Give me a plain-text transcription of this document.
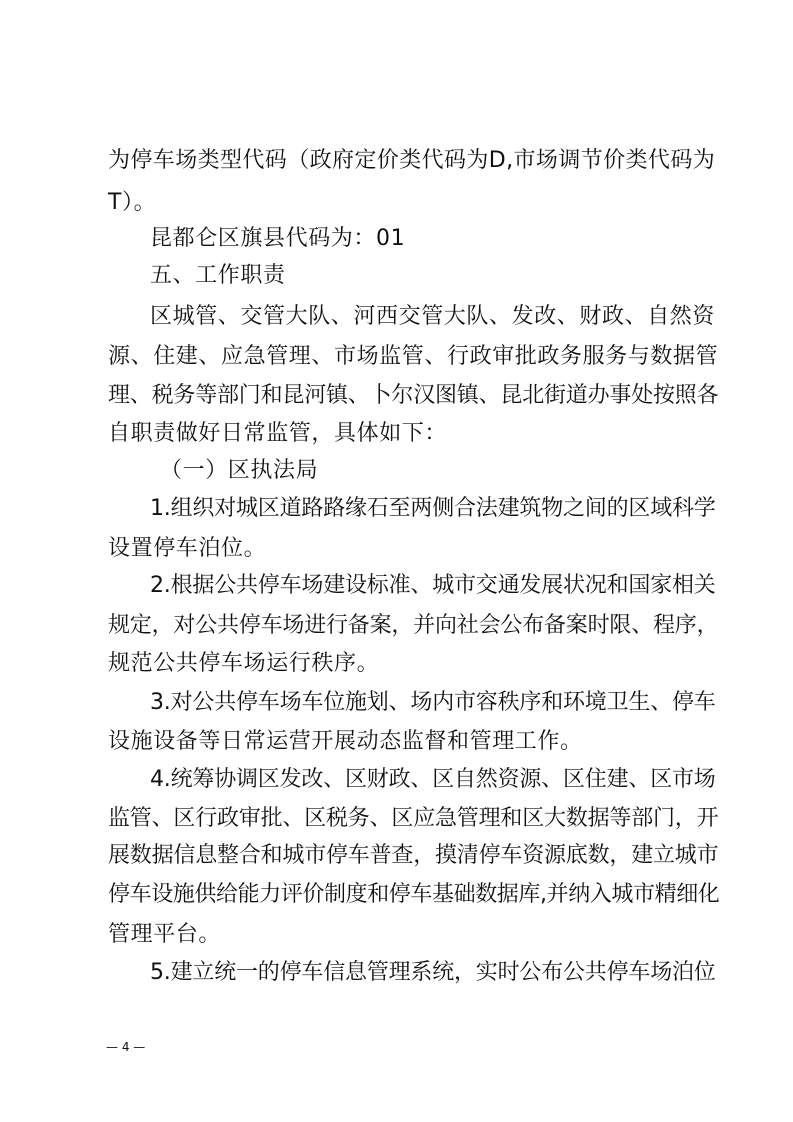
为停车场类型代码（政府定价类代码为D,市场调节价类代码为
T）。
昆都仑区旗县代码为：01
五、工作职责
区城管、交管大队、河西交管大队、发改、财政、自然资
源、住建、应急管理、市场监管、行政审批政务服务与数据管
理、税务等部门和昆河镇、卜尔汉图镇、昆北街道办事处按照各
自职责做好日常监管，具体如下：
（一）区执法局
1.组织对城区道路路缘石至两侧合法建筑物之间的区域科学
设置停车泊位。
2.根据公共停车场建设标准、城市交通发展状况和国家相关
规定，对公共停车场进行备案，并向社会公布备案时限、程序，
规范公共停车场运行秩序。
3.对公共停车场车位施划、场内市容秩序和环境卫生、停车
设施设备等日常运营开展动态监督和管理工作。
4.统筹协调区发改、区财政、区自然资源、区住建、区市场
监管、区行政审批、区税务、区应急管理和区大数据等部门，开
展数据信息整合和城市停车普查，摸清停车资源底数，建立城市
停车设施供给能力评价制度和停车基础数据库,并纳入城市精细化
管理平台。
5.建立统一的停车信息管理系统，实时公布公共停车场泊位
— 4 —
